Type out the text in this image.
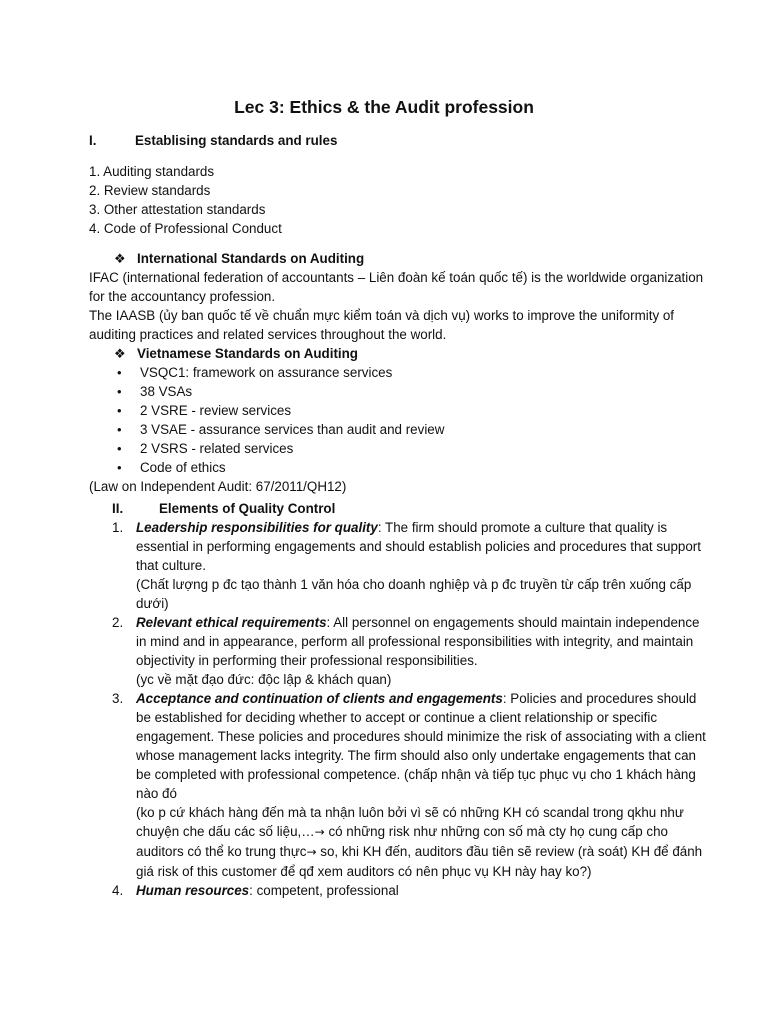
Lec 3: Ethics & the Audit profession
I.	Establising standards and rules

1. Auditing standards

2. Review standards

3. Other attestation standards

4. Code of Professional Conduct

❖ International Standards on Auditing

IFAC (international federation of accountants – Liên đoàn kế toán quốc tế) is the worldwide organization for the accountancy profession.

The IAASB (ủy ban quốc tế về chuẩn mực kiểm toán và dịch vụ) works to improve the uniformity of auditing practices and related services throughout the world.

❖ Vietnamese Standards on Auditing
•	VSQC1: framework on assurance services
•	38 VSAs
•	2 VSRE - review services
•	3 VSAE - assurance services than audit and review
•	2 VSRS - related services
•	Code of ethics

(Law on Independent Audit: 67/2011/QH12)

II.	Elements of Quality Control
1. Leadership responsibilities for quality: The firm should promote a culture that quality is essential in performing engagements and should establish policies and procedures that support that culture.

(Chất lượng p đc tạo thành 1 văn hóa cho doanh nghiệp và p đc truyền từ cấp trên xuống cấp dưới)

2. Relevant ethical requirements: All personnel on engagements should maintain independence in mind and in appearance, perform all professional responsibilities with integrity, and maintain objectivity in performing their professional responsibilities.

(yc về mặt đạo đức: độc lập & khách quan)

3. Acceptance and continuation of clients and engagements: Policies and procedures should be established for deciding whether to accept or continue a client relationship or specific engagement. These policies and procedures should minimize the risk of associating with a client whose management lacks integrity. The firm should also only undertake engagements that can be completed with professional competence. (chấp nhận và tiếp tục phục vụ cho 1 khách hàng nào đó

(ko p cứ khách hàng đến mà ta nhận luôn bởi vì sẽ có những KH có scandal trong qkhu như chuyện che dấu các số liệu,…→ có những risk như những con số mà cty họ cung cấp cho auditors có thể ko trung thực→ so, khi KH đến, auditors đầu tiên sẽ review (rà soát) KH để đánh giá risk of this customer để qđ xem auditors có nên phục vụ KH này hay ko?)

4. Human resources: competent, professional
